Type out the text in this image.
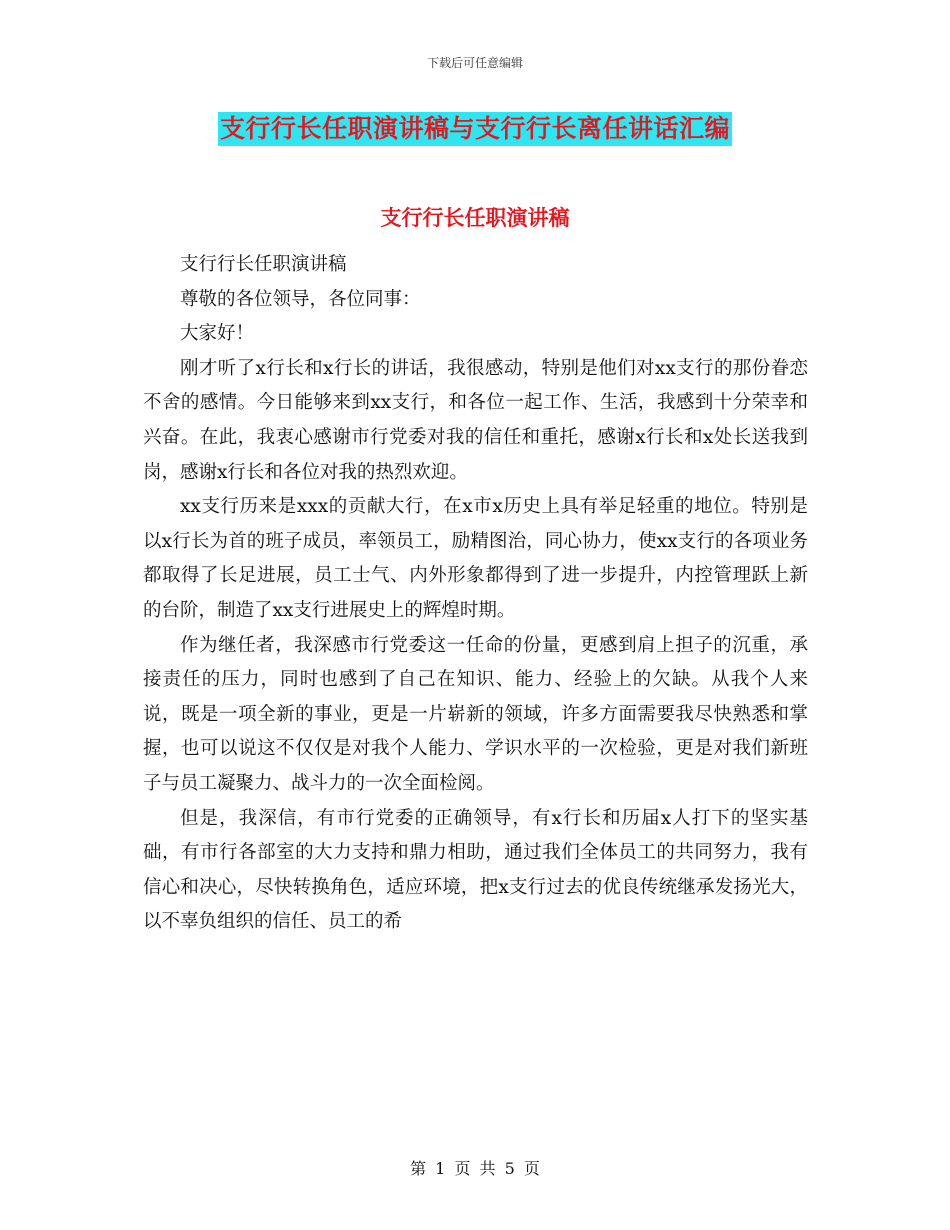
下载后可任意编辑
支行行长任职演讲稿与支行行长离任讲话汇编
支行行长任职演讲稿

支行行长任职演讲稿

尊敬的各位领导，各位同事：

大家好！

刚才听了x行长和x行长的讲话，我很感动，特别是他们对xx支行的那份眷恋不舍的感情。今日能够来到xx支行，和各位一起工作、生活，我感到十分荣幸和兴奋。在此，我衷心感谢市行党委对我的信任和重托，感谢x行长和x处长送我到岗，感谢x行长和各位对我的热烈欢迎。

xx支行历来是xxx的贡献大行，在x市x历史上具有举足轻重的地位。特别是以x行长为首的班子成员，率领员工，励精图治，同心协力，使xx支行的各项业务都取得了长足进展，员工士气、内外形象都得到了进一步提升，内控管理跃上新的台阶，制造了xx支行进展史上的辉煌时期。

作为继任者，我深感市行党委这一任命的份量，更感到肩上担子的沉重，承接责任的压力，同时也感到了自己在知识、能力、经验上的欠缺。从我个人来说，既是一项全新的事业，更是一片崭新的领域，许多方面需要我尽快熟悉和掌握，也可以说这不仅仅是对我个人能力、学识水平的一次检验，更是对我们新班子与员工凝聚力、战斗力的一次全面检阅。

但是，我深信，有市行党委的正确领导，有x行长和历届x人打下的坚实基础，有市行各部室的大力支持和鼎力相助，通过我们全体员工的共同努力，我有信心和决心，尽快转换角色，适应环境，把x支行过去的优良传统继承发扬光大，以不辜负组织的信任、员工的希

第 1 页 共 5 页
